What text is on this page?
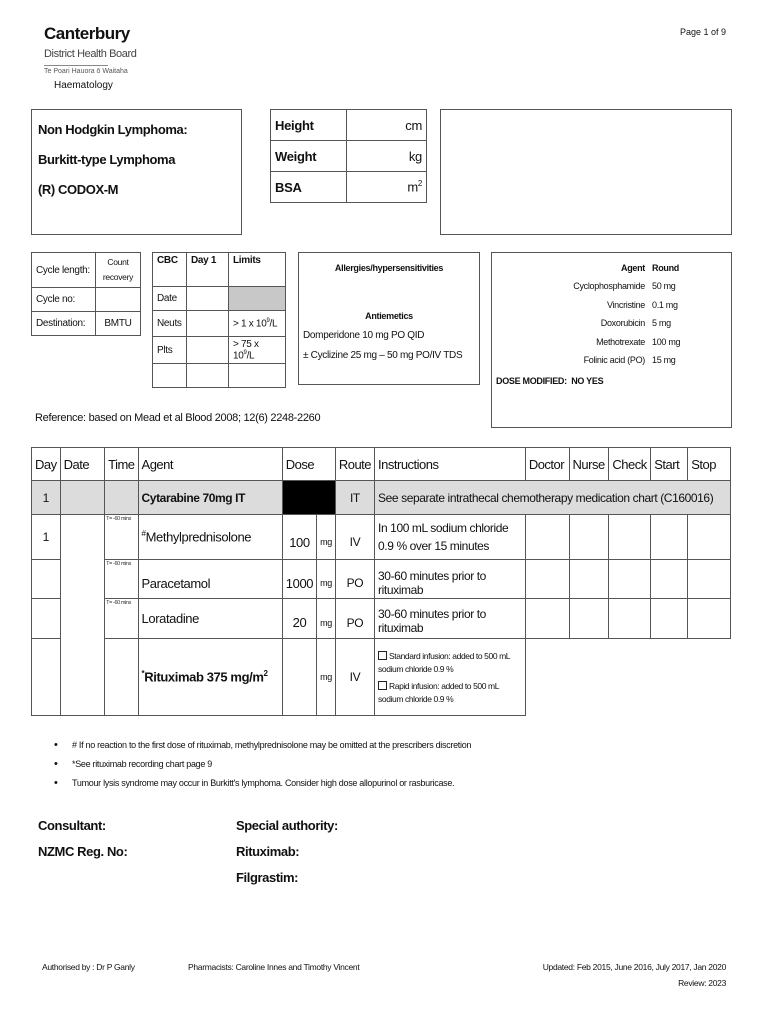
Canterbury
District Health Board
Te Poari Hauora ō Waitaha
Haematology
Page 1 of 9
Non Hodgkin Lymphoma:
Burkitt-type Lymphoma
(R) CODOX-M
Height	cm
Weight	kg
BSA	$m^2$
Cycle length:	Count recovery
Cycle no:	
Destination:	BMTU
CBC	Day 1	Limits
Date		
Neuts		> 1 x $10^9/L$
Plts		> 75 x $10^9/L$

Allergies/hypersensitivities
Antiemetics
Domperidone 10 mg PO QID
± Cyclizine 25 mg – 50 mg PO/IV TDS
Agent Round
Cyclophosphamide 50 mg
Vincristine 0.1 mg
Doxorubicin 5 mg
Methotrexate 100 mg
Folinic acid (PO) 15 mg
DOSE MODIFIED: NO YES
Reference: based on Mead et al Blood 2008; 12(6) 2248-2260
Day	Date	Time	Agent	Dose		Route	Instructions	Doctor	Nurse	Check	Start	Stop
1			Cytarabine 70mg IT			IT	See separate intrathecal chemotherapy medication chart (C160016)					
1		T= -60 mins	#Methylprednisolone	100	mg	IV	In 100 mL sodium chloride 0.9 % over 15 minutes					

		T= -60 mins	Paracetamol	1000	mg	PO	30-60 minutes prior to rituximab					

		T= -60 mins	Loratadine	20	mg	PO	30-60 minutes prior to rituximab					
			*Rituximab 375 $mg/m^2$		mg	IV	Standard infusion: added to 500 mL sodium chloride 0.9 %
Rapid infusion: added to 500 mL sodium chloride 0.9 %					

• # If no reaction to the first dose of rituximab, methylprednisolone may be omitted at the prescribers discretion
• *See rituximab recording chart page 9
• Tumour lysis syndrome may occur in Burkitt's lymphoma. Consider high dose allopurinol or rasburicase.
Consultant:
NZMC Reg. No:
Special authority:
Rituximab:
Filgrastim:
Authorised by : Dr P Ganly	Pharmacists: Caroline Innes and Timothy Vincent	Updated: Feb 2015, June 2016, July 2017, Jan 2020
Review: 2023
